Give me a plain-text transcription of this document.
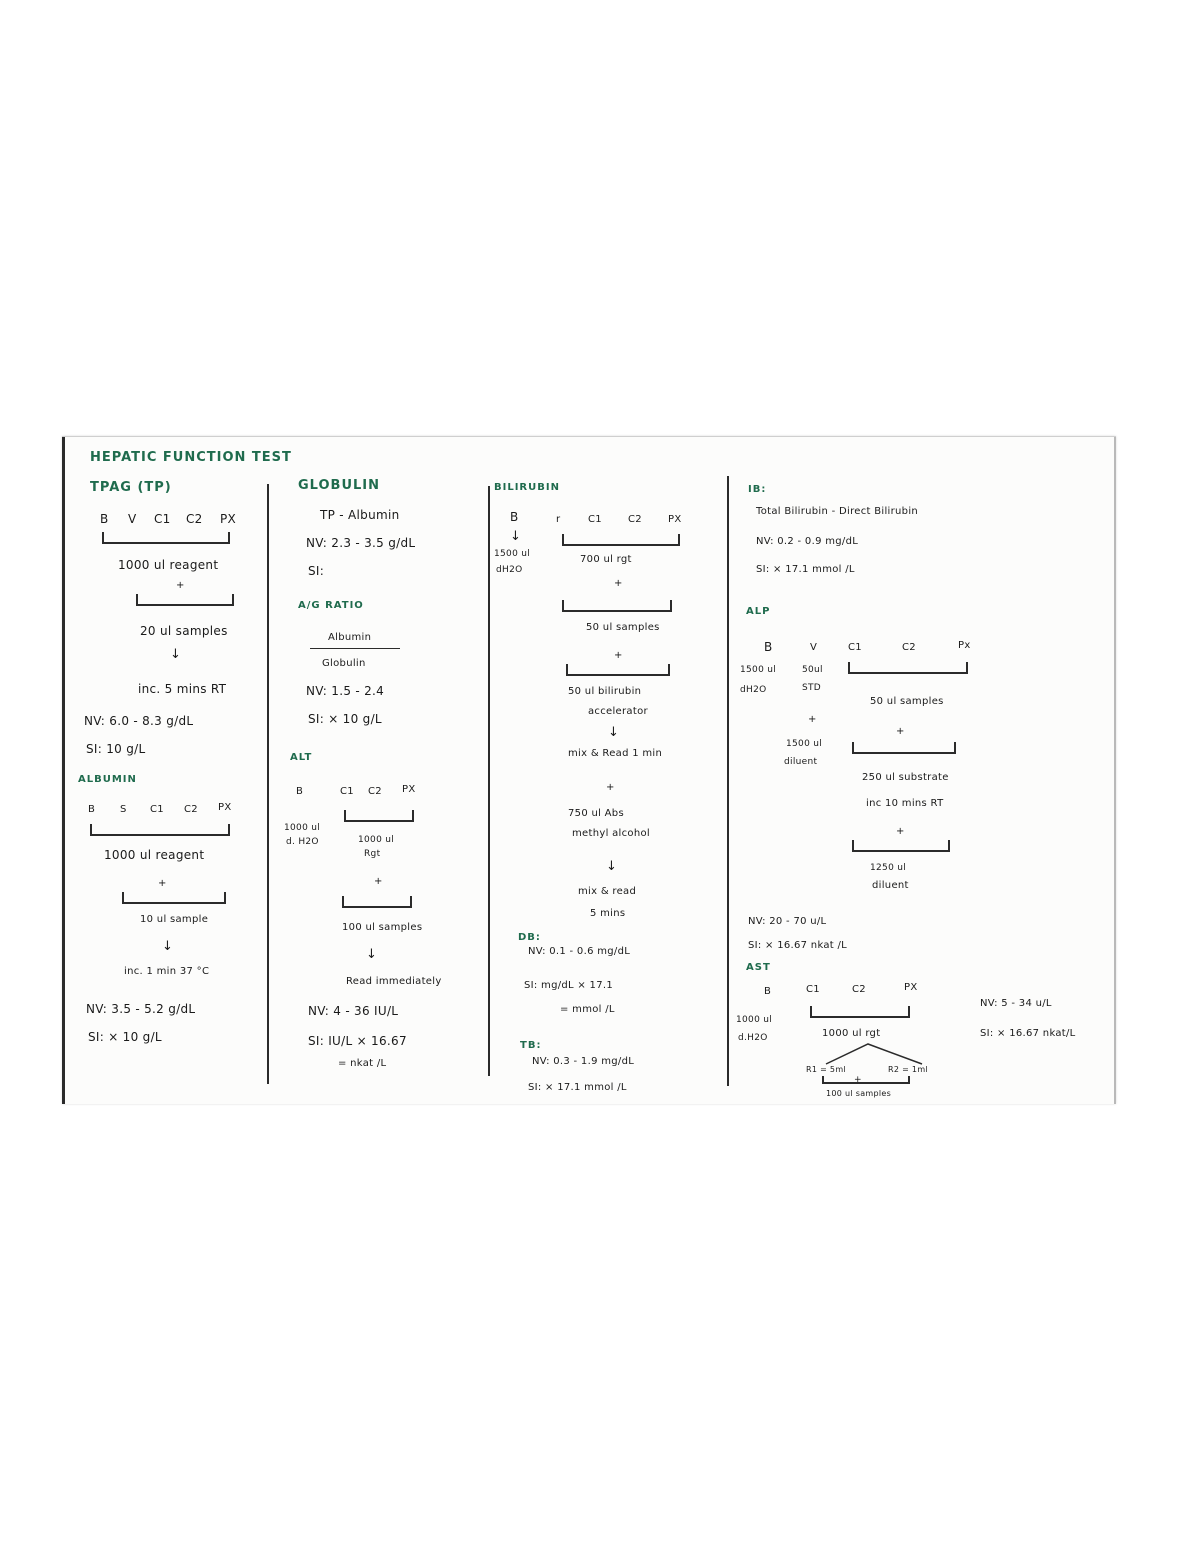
HEPATIC FUNCTION TEST
TPAG (TP)
B V C1 C2 PX
1000 ul reagent
+
20 ul samples
↓
inc. 5 mins RT
NV: 6.0 - 8.3 g/dL
SI: 10 g/L
ALBUMIN
B S C1 C2 PX
1000 ul reagent
+
10 ul sample
↓
inc. 1 min 37 °C
NV: 3.5 - 5.2 g/dL
SI: × 10 g/L
GLOBULIN
TP - Albumin
NV: 2.3 - 3.5 g/dL
SI:
A/G RATIO
Albumin
Globulin
NV: 1.5 - 2.4
SI: × 10 g/L
ALT
B	C1 C2 PX
1000 ul
d. H2O	1000 ul
Rgt
+
100 ul samples
↓
Read immediately
NV: 4 - 36 IU/L
SI: IU/L × 16.67
= nkat /L
BILIRUBIN
B	r	C1	C2	PX
↓
1500 ul
dH2O
700 ul rgt
+
50 ul samples
+
50 ul bilirubin
accelerator
↓
mix & Read 1 min
+
750 ul Abs
methyl alcohol
↓
mix & read
5 mins
DB:
NV: 0.1 - 0.6 mg/dL
SI: mg/dL × 17.1
= mmol /L
TB:
NV: 0.3 - 1.9 mg/dL
SI: × 17.1 mmol /L
IB:
Total Bilirubin - Direct Bilirubin
NV: 0.2 - 0.9 mg/dL
SI: × 17.1 mmol /L
ALP
B	V	C1	C2	Px
1500 ul
dH2O
50ul
STD
50 ul samples
+
1500 ul
diluent
+
250 ul substrate
inc 10 mins RT
+
1250 ul
diluent
NV: 20 - 70 u/L
SI: × 16.67 nkat /L
AST
B	C1	C2	PX
1000 ul
d.H2O	1000 ul rgt
R1 = 5ml	R2 = 1ml
+
100 ul samples
NV: 5 - 34 u/L
SI: × 16.67 nkat/L
